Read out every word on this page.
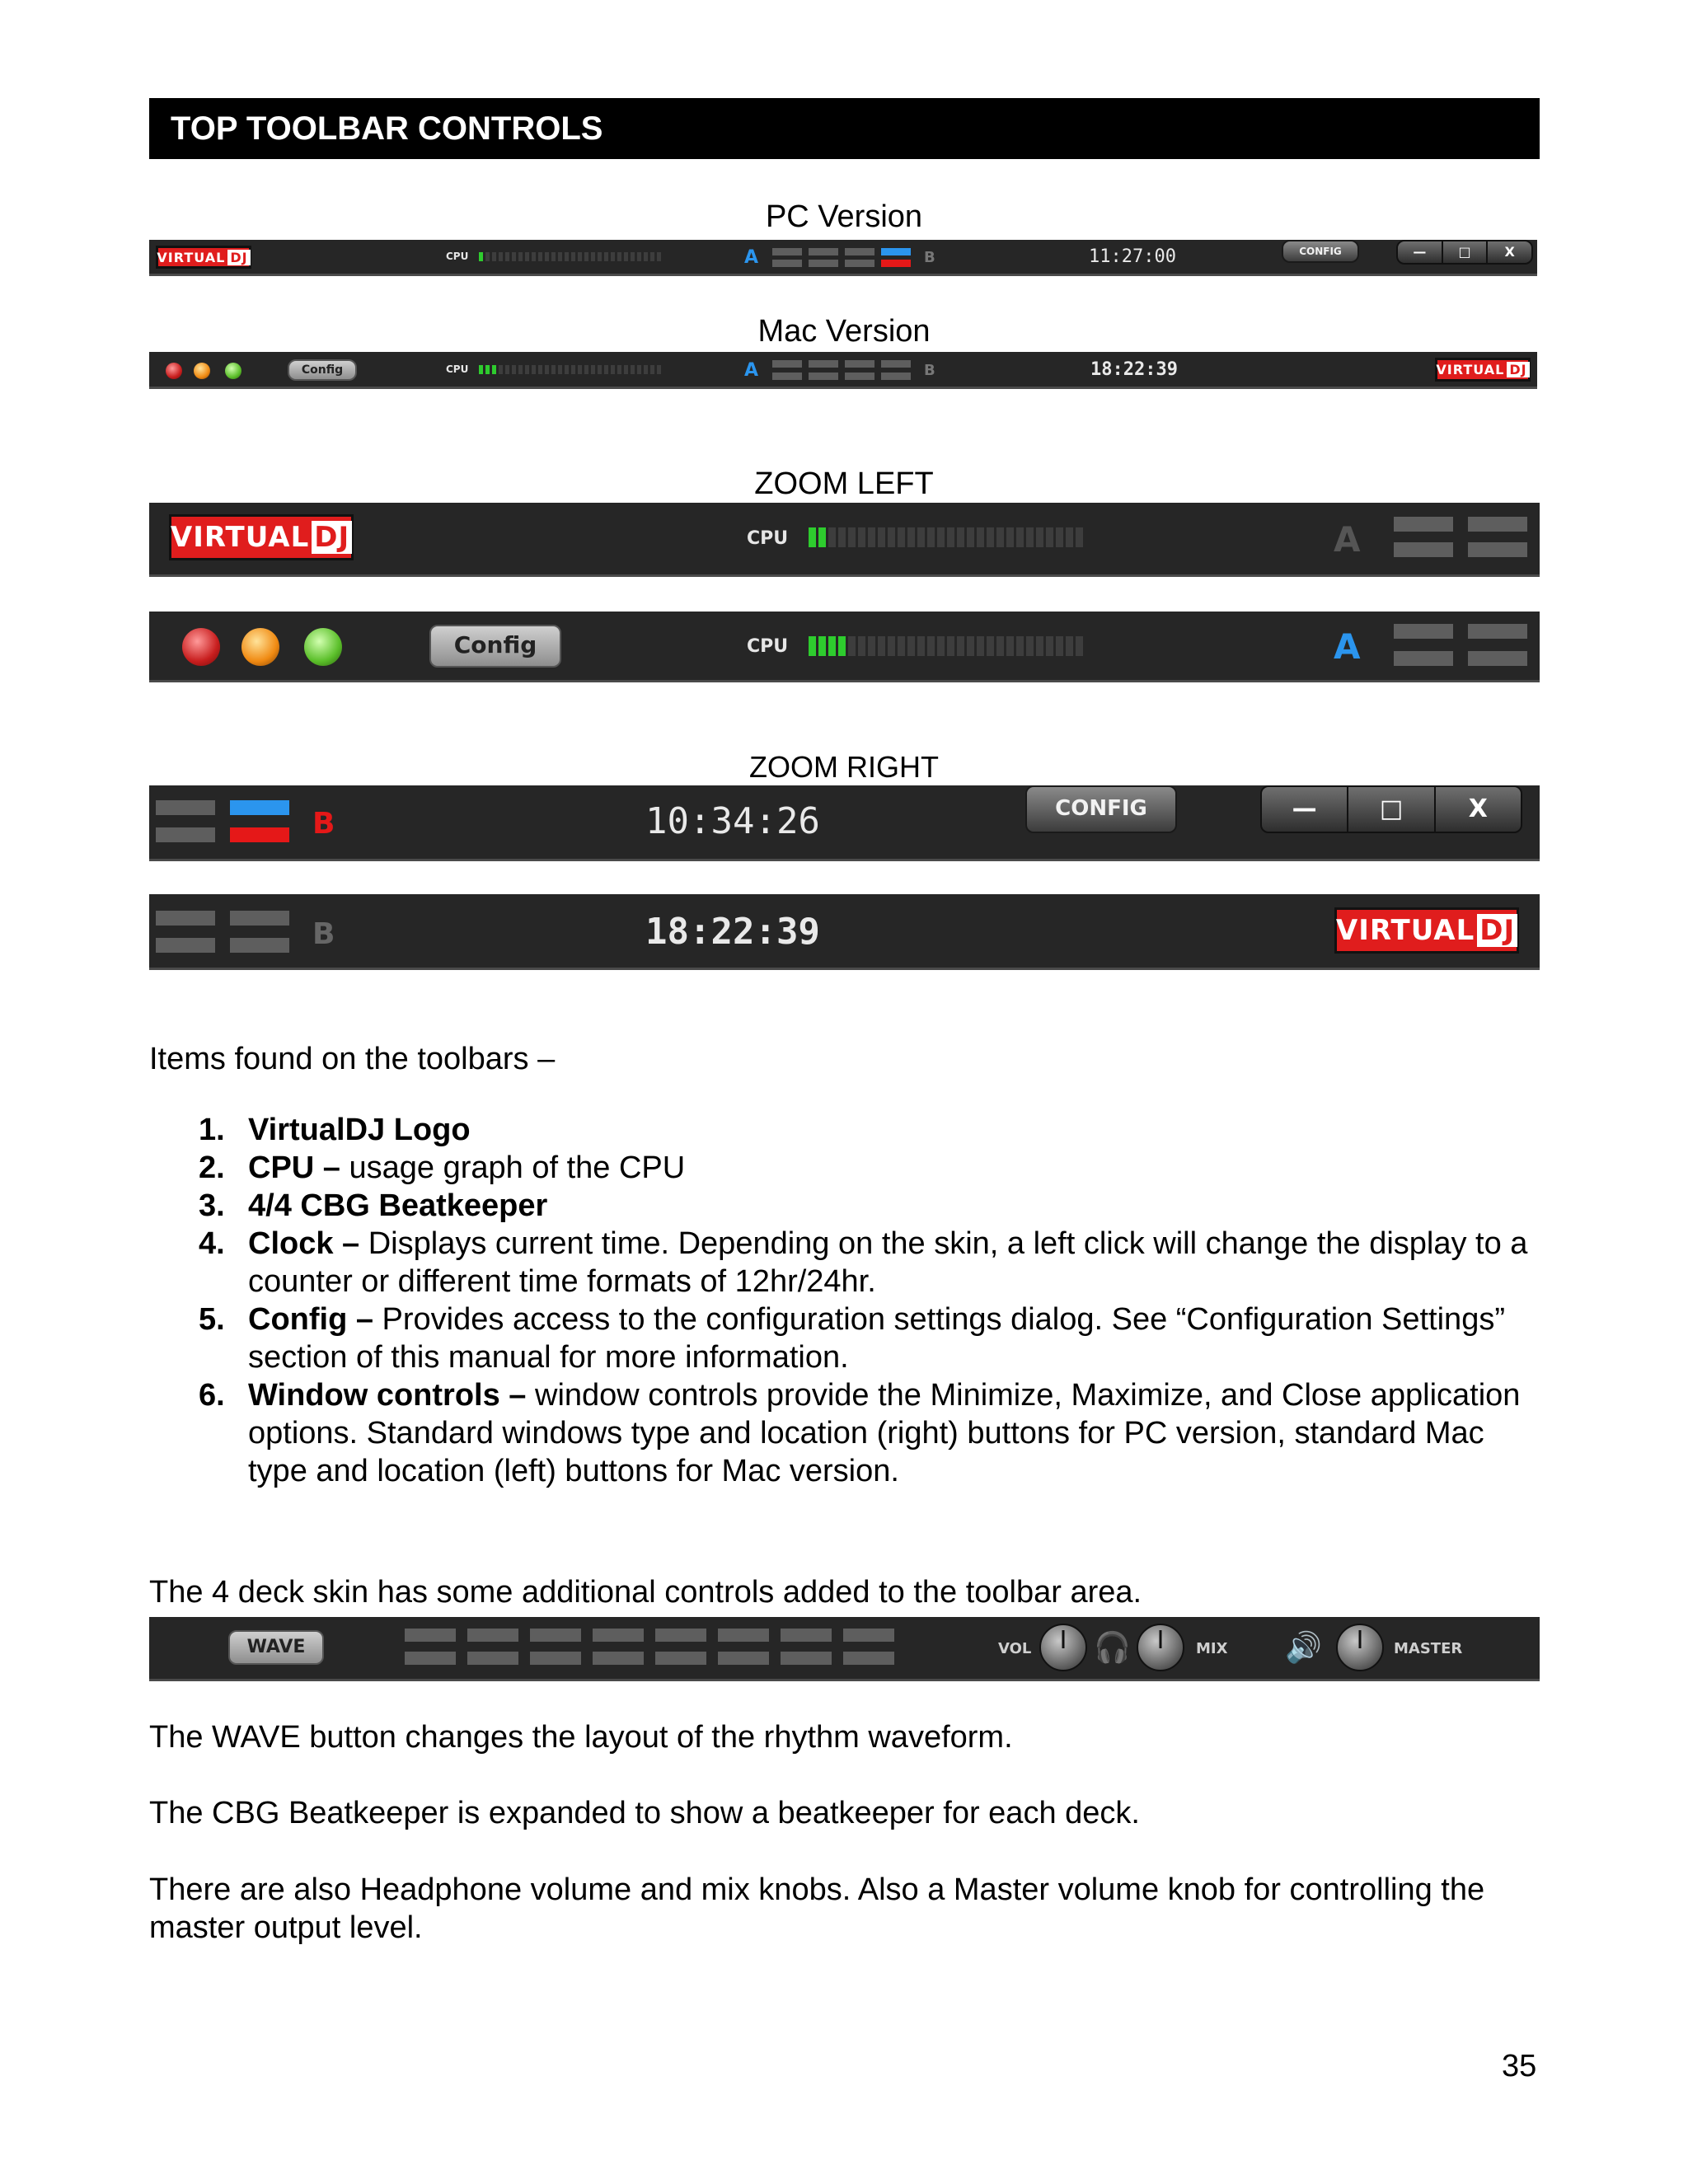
TOP TOOLBAR CONTROLS
PC Version
VIRTUAL DJ	CPU	A	B	11:27:00	CONFIG	—	□	X
Mac Version
Config	CPU	A	B	18:22:39	VIRTUAL DJ
ZOOM LEFT
VIRTUAL DJ	CPU	A
Config	CPU	A
ZOOM RIGHT
B	10:34:26	CONFIG	—	□	X
B	18:22:39	VIRTUAL DJ
Items found on the toolbars –
1. VirtualDJ Logo
2. CPU – usage graph of the CPU
3. 4/4 CBG Beatkeeper
4. Clock – Displays current time. Depending on the skin, a left click will change the display to a counter or different time formats of 12hr/24hr.
5. Config – Provides access to the configuration settings dialog. See “Configuration Settings” section of this manual for more information.
6. Window controls – window controls provide the Minimize, Maximize, and Close application options. Standard windows type and location (right) buttons for PC version, standard Mac type and location (left) buttons for Mac version.
The 4 deck skin has some additional controls added to the toolbar area.
WAVE	VOL 🎧	MIX 🔊	MASTER
The WAVE button changes the layout of the rhythm waveform.
The CBG Beatkeeper is expanded to show a beatkeeper for each deck.
There are also Headphone volume and mix knobs. Also a Master volume knob for controlling the master output level.
35
